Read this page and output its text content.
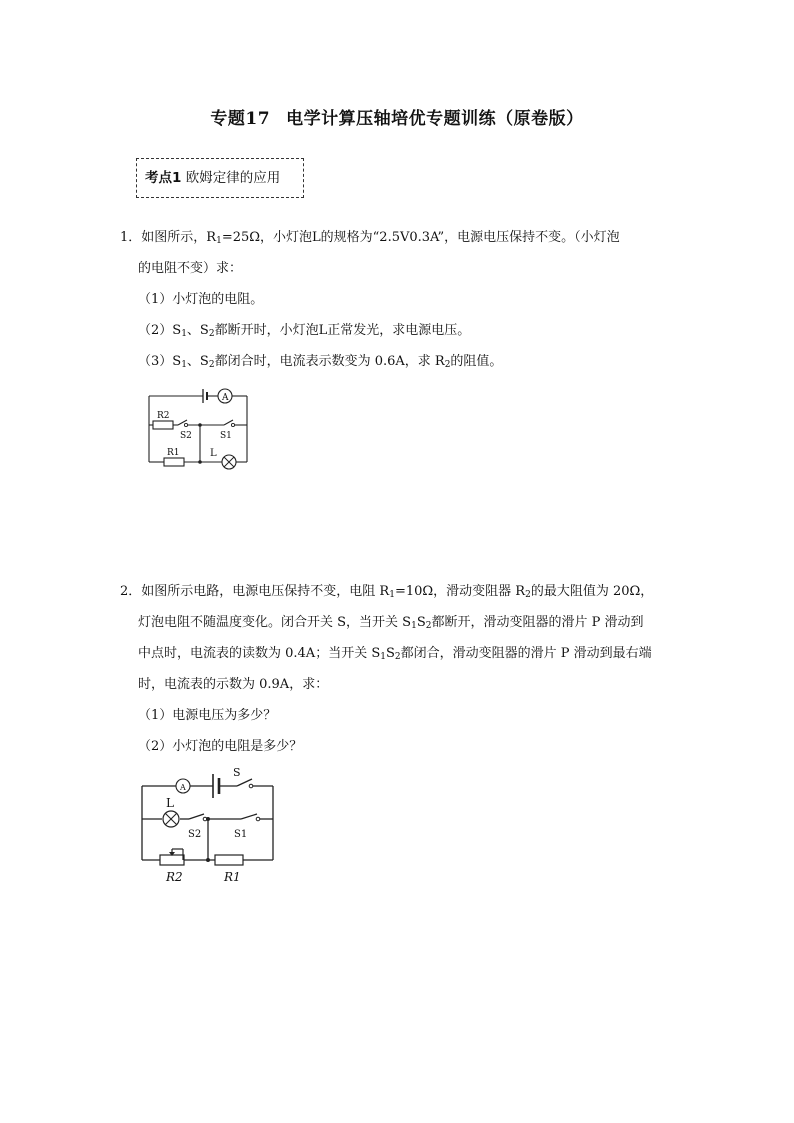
专题17 电学计算压轴培优专题训练（原卷版）
考点1 欧姆定律的应用
1．如图所示，$R_1=25\Omega$，小灯泡L的规格为“2.5V0.3A”，电源电压保持不变。（小灯泡
的电阻不变）求：
（1）小灯泡的电阻。
$(2)S_1$、$S_2$都断开时，小灯泡L正常发光，求电源电压。
$(3)S_1$、$S_2$都闭合时，电流表示数变为 0.6A，求 $R_2$的阻值。
A
R2
S2	S1
R1	L
2．如图所示电路，电源电压保持不变，电阻 $R_1=10\Omega$，滑动变阻器 $R_2$的最大阻值为 20Ω，
灯泡电阻不随温度变化。闭合开关 S，当开关 $S_1S_2$都断开，滑动变阻器的滑片 P 滑动到
中点时，电流表的读数为 0.4A；当开关 $S_1S_2$都闭合，滑动变阻器的滑片 P 滑动到最右端
时，电流表的示数为 0.9A，求：
（1）电源电压为多少？
（2）小灯泡的电阻是多少？
A
S
L
S2	S1
R2	R1
